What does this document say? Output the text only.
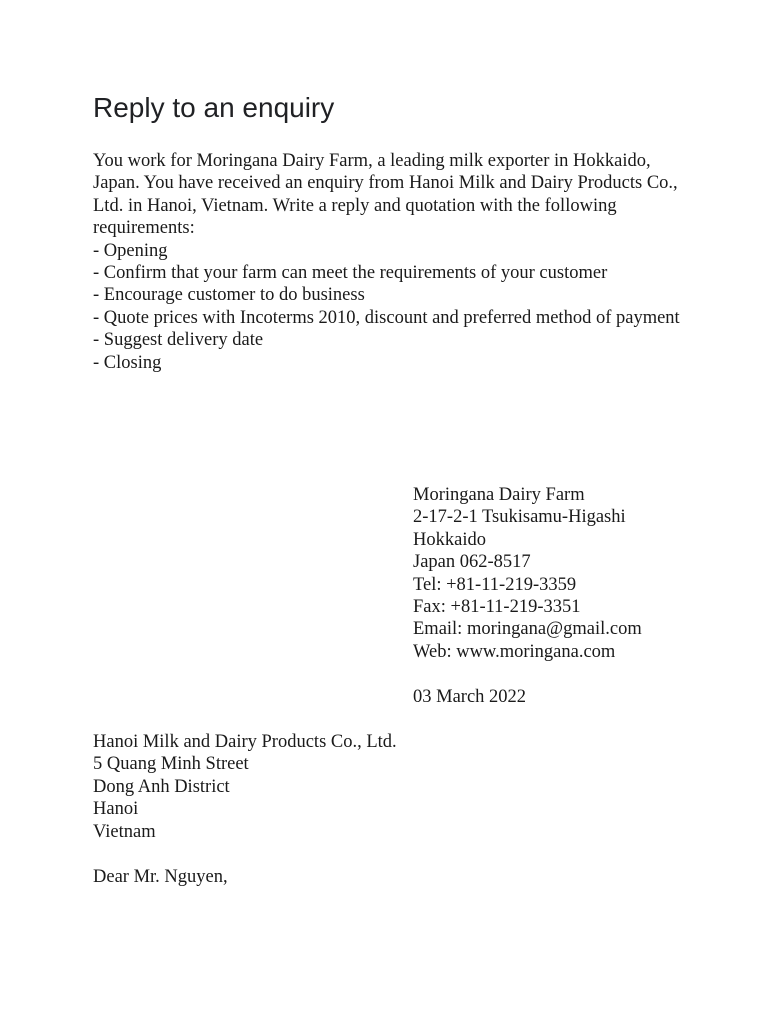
Reply to an enquiry

You work for Moringana Dairy Farm, a leading milk exporter in Hokkaido, Japan. You have received an enquiry from Hanoi Milk and Dairy Products Co., Ltd. in Hanoi, Vietnam. Write a reply and quotation with the following requirements:

- Opening
- Confirm that your farm can meet the requirements of your customer
- Encourage customer to do business
- Quote prices with Incoterms 2010, discount and preferred method of payment
- Suggest delivery date
- Closing
Moringana Dairy Farm
2-17-2-1 Tsukisamu-Higashi
Hokkaido
Japan 062-8517
Tel: +81-11-219-3359
Fax: +81-11-219-3351
Email: moringana@gmail.com
Web: www.moringana.com
03 March 2022
Hanoi Milk and Dairy Products Co., Ltd.
5 Quang Minh Street
Dong Anh District
Hanoi
Vietnam
Dear Mr. Nguyen,
